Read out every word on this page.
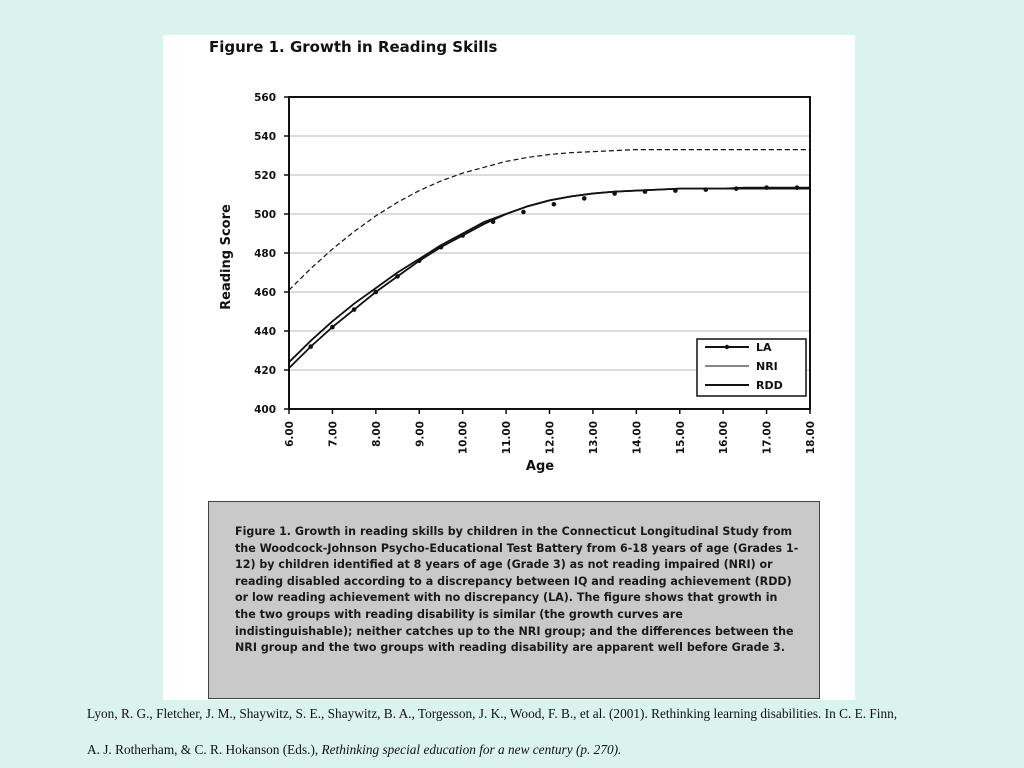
Figure 1. Growth in Reading Skills
400
420
440
460
480
500
520
540
560
6.00	7.00	8.00	9.00	10.00	11.00	12.00	13.00	14.00	15.00	16.00	17.00	18.00
Reading Score
Age
LA
NRI
RDD

Figure 1. Growth in reading skills by children in the Connecticut Longitudinal Study from the Woodcock-Johnson Psycho-Educational Test Battery from 6-18 years of age (Grades 1-12) by children identified at 8 years of age (Grade 3) as not reading impaired (NRI) or reading disabled according to a discrepancy between IQ and reading achievement (RDD) or low reading achievement with no discrepancy (LA). The figure shows that growth in the two groups with reading disability is similar (the growth curves are indistinguishable); neither catches up to the NRI group; and the differences between the NRI group and the two groups with reading disability are apparent well before Grade 3.

Lyon, R. G., Fletcher, J. M., Shaywitz, S. E., Shaywitz, B. A., Torgesson, J. K., Wood, F. B., et al. (2001). Rethinking learning disabilities. In C. E. Finn,
A. J. Rotherham, & C. R. Hokanson (Eds.), Rethinking special education for a new century (p. 270).
